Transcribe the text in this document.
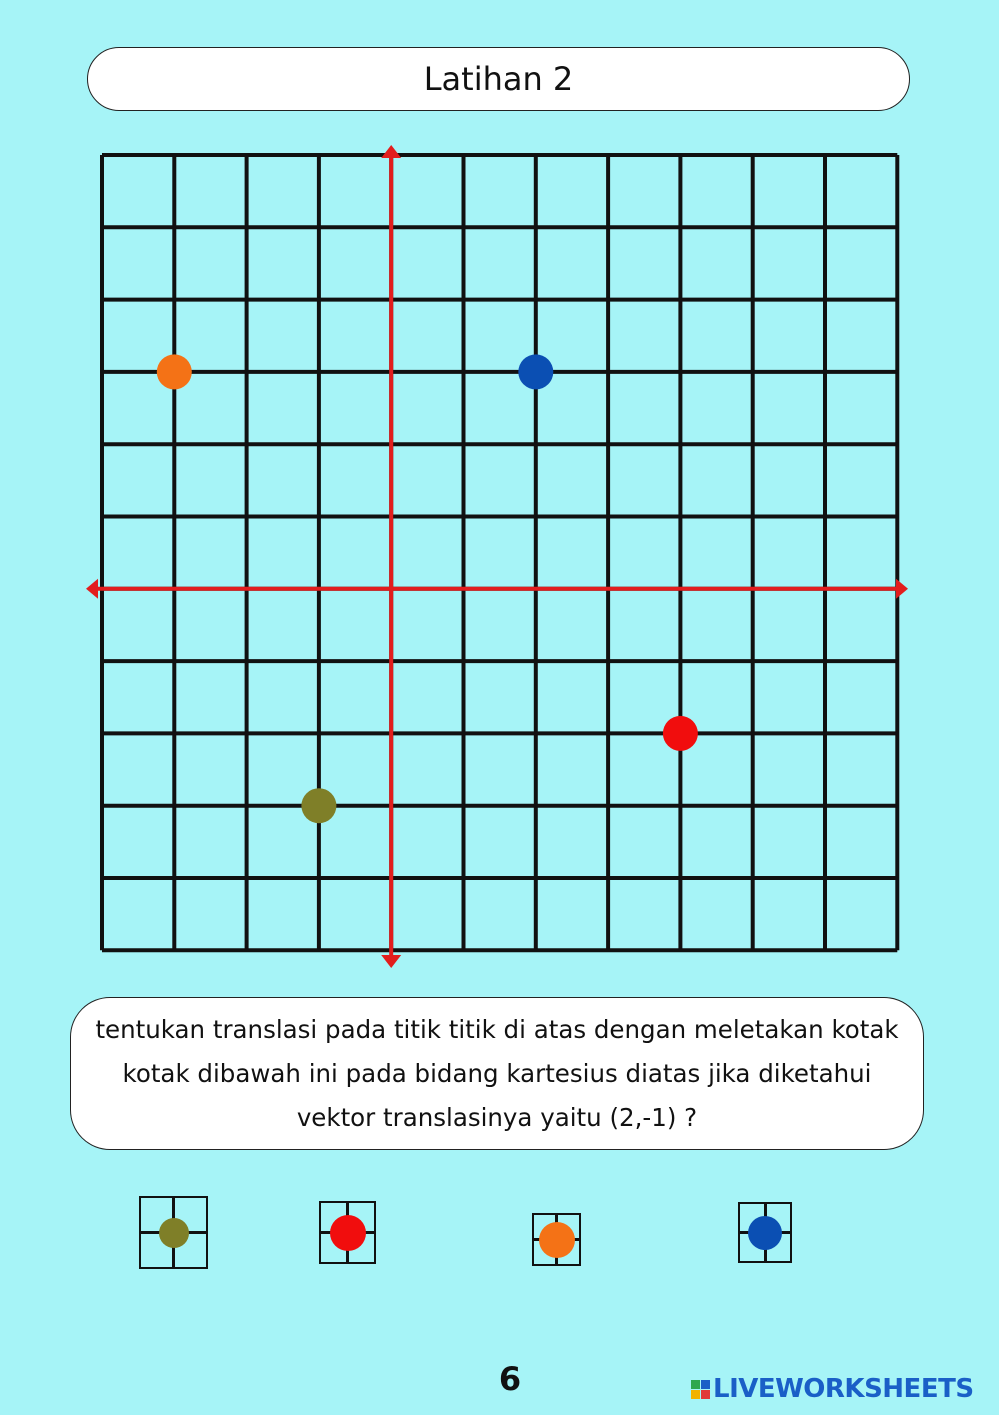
Latihan 2
tentukan translasi pada titik titik di atas dengan meletakan kotak kotak dibawah ini pada bidang kartesius diatas jika diketahui vektor translasinya yaitu (2,-1) ?
6	LIVEWORKSHEETS
